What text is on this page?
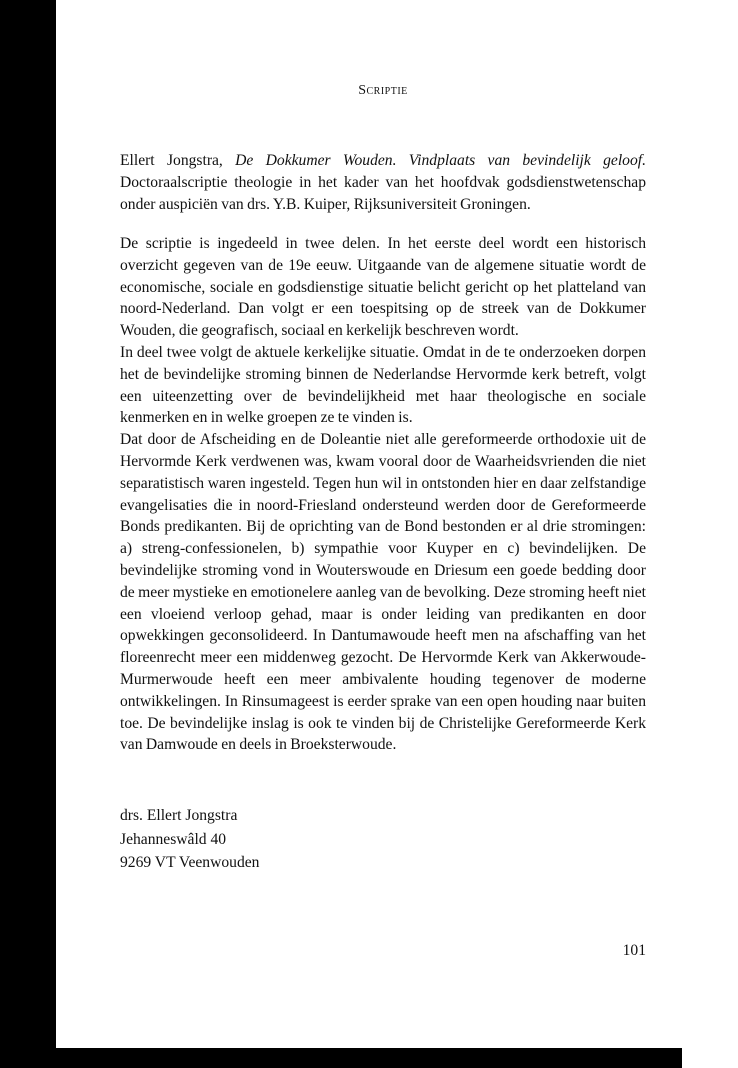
Scriptie

Ellert Jongstra, De Dokkumer Wouden. Vindplaats van bevindelijk geloof. Doctoraalscriptie theologie in het kader van het hoofdvak godsdienstwetenschap onder auspiciën van drs. Y.B. Kuiper, Rijksuniversiteit Groningen.

De scriptie is ingedeeld in twee delen. In het eerste deel wordt een historisch overzicht gegeven van de 19e eeuw. Uitgaande van de algemene situatie wordt de economische, sociale en godsdienstige situatie belicht gericht op het platteland van noord-Nederland. Dan volgt er een toespitsing op de streek van de Dokkumer Wouden, die geografisch, sociaal en kerkelijk beschreven wordt.

In deel twee volgt de aktuele kerkelijke situatie. Omdat in de te onderzoeken dorpen het de bevindelijke stroming binnen de Nederlandse Hervormde kerk betreft, volgt een uiteenzetting over de bevindelijkheid met haar theologische en sociale kenmerken en in welke groepen ze te vinden is.

Dat door de Afscheiding en de Doleantie niet alle gereformeerde orthodoxie uit de Hervormde Kerk verdwenen was, kwam vooral door de Waarheidsvrienden die niet separatistisch waren ingesteld. Tegen hun wil in ontstonden hier en daar zelfstandige evangelisaties die in noord-Friesland ondersteund werden door de Gereformeerde Bonds predikanten. Bij de oprichting van de Bond bestonden er al drie stromingen: a) streng-confessionelen, b) sympathie voor Kuyper en c) bevindelijken. De bevindelijke stroming vond in Wouterswoude en Driesum een goede bedding door de meer mystieke en emotionelere aanleg van de bevolking. Deze stroming heeft niet een vloeiend verloop gehad, maar is onder leiding van predikanten en door opwekkingen geconsolideerd. In Dantumawoude heeft men na afschaffing van het floreenrecht meer een middenweg gezocht. De Hervormde Kerk van Akkerwoude-Murmerwoude heeft een meer ambivalente houding tegenover de moderne ontwikkelingen. In Rinsumageest is eerder sprake van een open houding naar buiten toe. De bevindelijke inslag is ook te vinden bij de Christelijke Gereformeerde Kerk van Damwoude en deels in Broeksterwoude.

drs. Ellert Jongstra
Jehanneswâld 40
9269 VT Veenwouden
101
